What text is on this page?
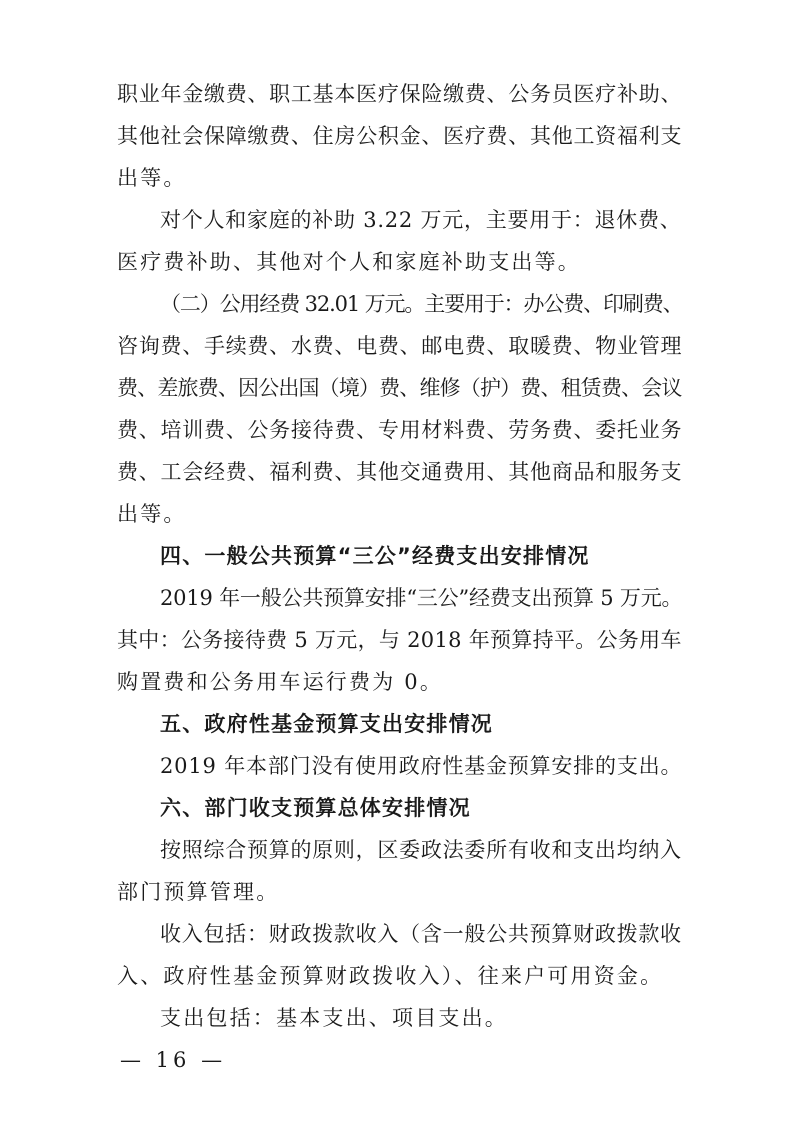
职业年金缴费、职工基本医疗保险缴费、公务员医疗补助、
其他社会保障缴费、住房公积金、医疗费、其他工资福利支
出等。
对个人和家庭的补助 3.22 万元，主要用于：退休费、
医疗费补助、其他对个人和家庭补助支出等。
（二）公用经费 32.01 万元。主要用于：办公费、印刷费、
咨询费、手续费、水费、电费、邮电费、取暖费、物业管理
费、差旅费、因公出国（境）费、维修（护）费、租赁费、会议
费、培训费、公务接待费、专用材料费、劳务费、委托业务
费、工会经费、福利费、其他交通费用、其他商品和服务支
出等。
四、一般公共预算“三公”经费支出安排情况
2019 年一般公共预算安排“三公”经费支出预算 5 万元。
其中：公务接待费 5 万元，与 2018 年预算持平。公务用车
购置费和公务用车运行费为 0。
五、政府性基金预算支出安排情况
2019 年本部门没有使用政府性基金预算安排的支出。
六、部门收支预算总体安排情况
按照综合预算的原则，区委政法委所有收和支出均纳入
部门预算管理。
收入包括：财政拨款收入（含一般公共预算财政拨款收
入、政府性基金预算财政拨收入）、往来户可用资金。
支出包括：基本支出、项目支出。
— 16 —
